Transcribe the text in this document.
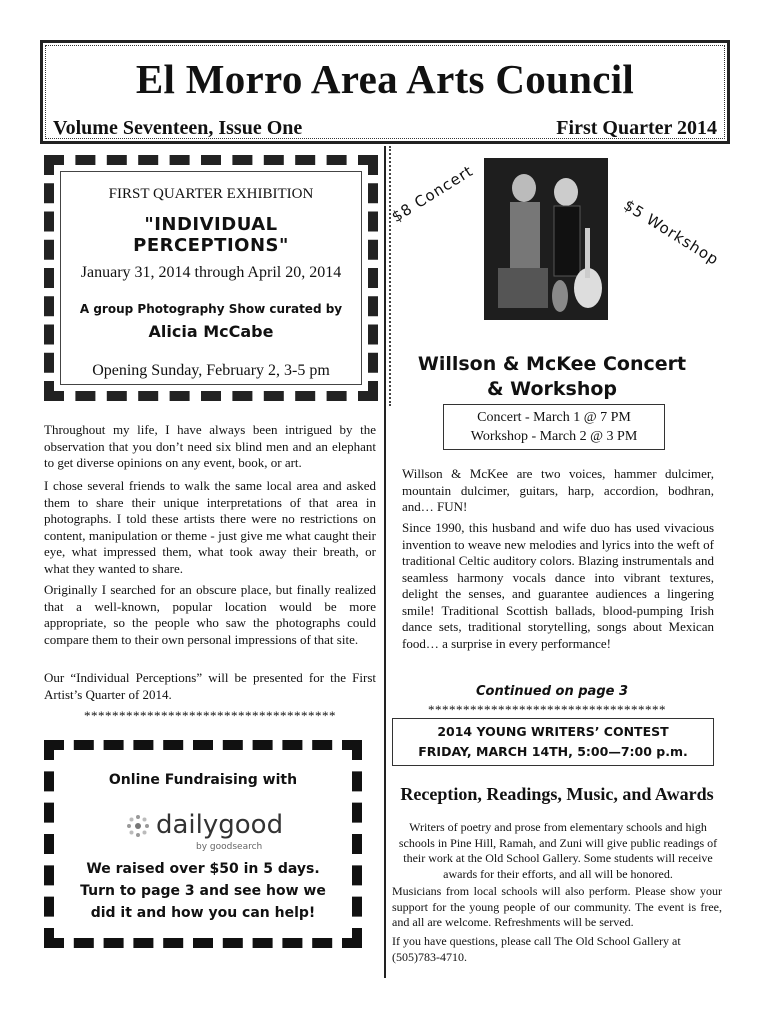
El Morro Area Arts Council
Volume Seventeen, Issue One	First Quarter 2014
FIRST QUARTER EXHIBITION
"INDIVIDUAL PERCEPTIONS"
January 31, 2014 through April 20, 2014
A group Photography Show curated by
Alicia McCabe
Opening Sunday, February 2, 3-5 pm

Throughout my life, I have always been intrigued by the observation that you don’t need six blind men and an elephant to get diverse opinions on any event, book, or art.

I chose several friends to walk the same local area and asked them to share their unique interpretations of that area in photographs. I told these artists there were no restrictions on content, manipulation or theme - just give me what caught their eye, what impressed them, what took away their breath, or what they wanted to share.

Originally I searched for an obscure place, but finally realized that a well-known, popular location would be more appropriate, so the people who saw the photographs could compare them to their own personal impressions of that site.

Our “Individual Perceptions” will be presented for the First Artist’s Quarter of 2014.

************************************
Online Fundraising with
dailygood
by goodsearch
We raised over $50 in 5 days.
Turn to page 3 and see how we
did it and how you can help!
$8 Concert
$5 Workshop
Willson & McKee Concert
& Workshop
Concert - March 1 @ 7 PM
Workshop - March 2 @ 3 PM

Willson & McKee are two voices, hammer dulcimer, mountain dulcimer, guitars, harp, accordion, bodhran, and… FUN!

Since 1990, this husband and wife duo has used vivacious invention to weave new melodies and lyrics into the weft of traditional Celtic auditory colors. Blazing instrumentals and seamless harmony vocals dance into vibrant textures, delight the senses, and guarantee audiences a lingering smile! Traditional Scottish ballads, blood-pumping Irish dance sets, traditional storytelling, songs about Mexican food… a surprise in every performance!

Continued on page 3
**********************************
2014 YOUNG WRITERS’ CONTEST
FRIDAY, MARCH 14TH, 5:00—7:00 p.m.
Reception, Readings, Music, and Awards

Writers of poetry and prose from elementary schools and high schools in Pine Hill, Ramah, and Zuni will give public readings of their work at the Old School Gallery. Some students will receive awards for their efforts, and all will be honored.

Musicians from local schools will also perform. Please show your support for the young people of our community. The event is free, and all are welcome. Refreshments will be served.

If you have questions, please call The Old School Gallery at (505)783-4710.
